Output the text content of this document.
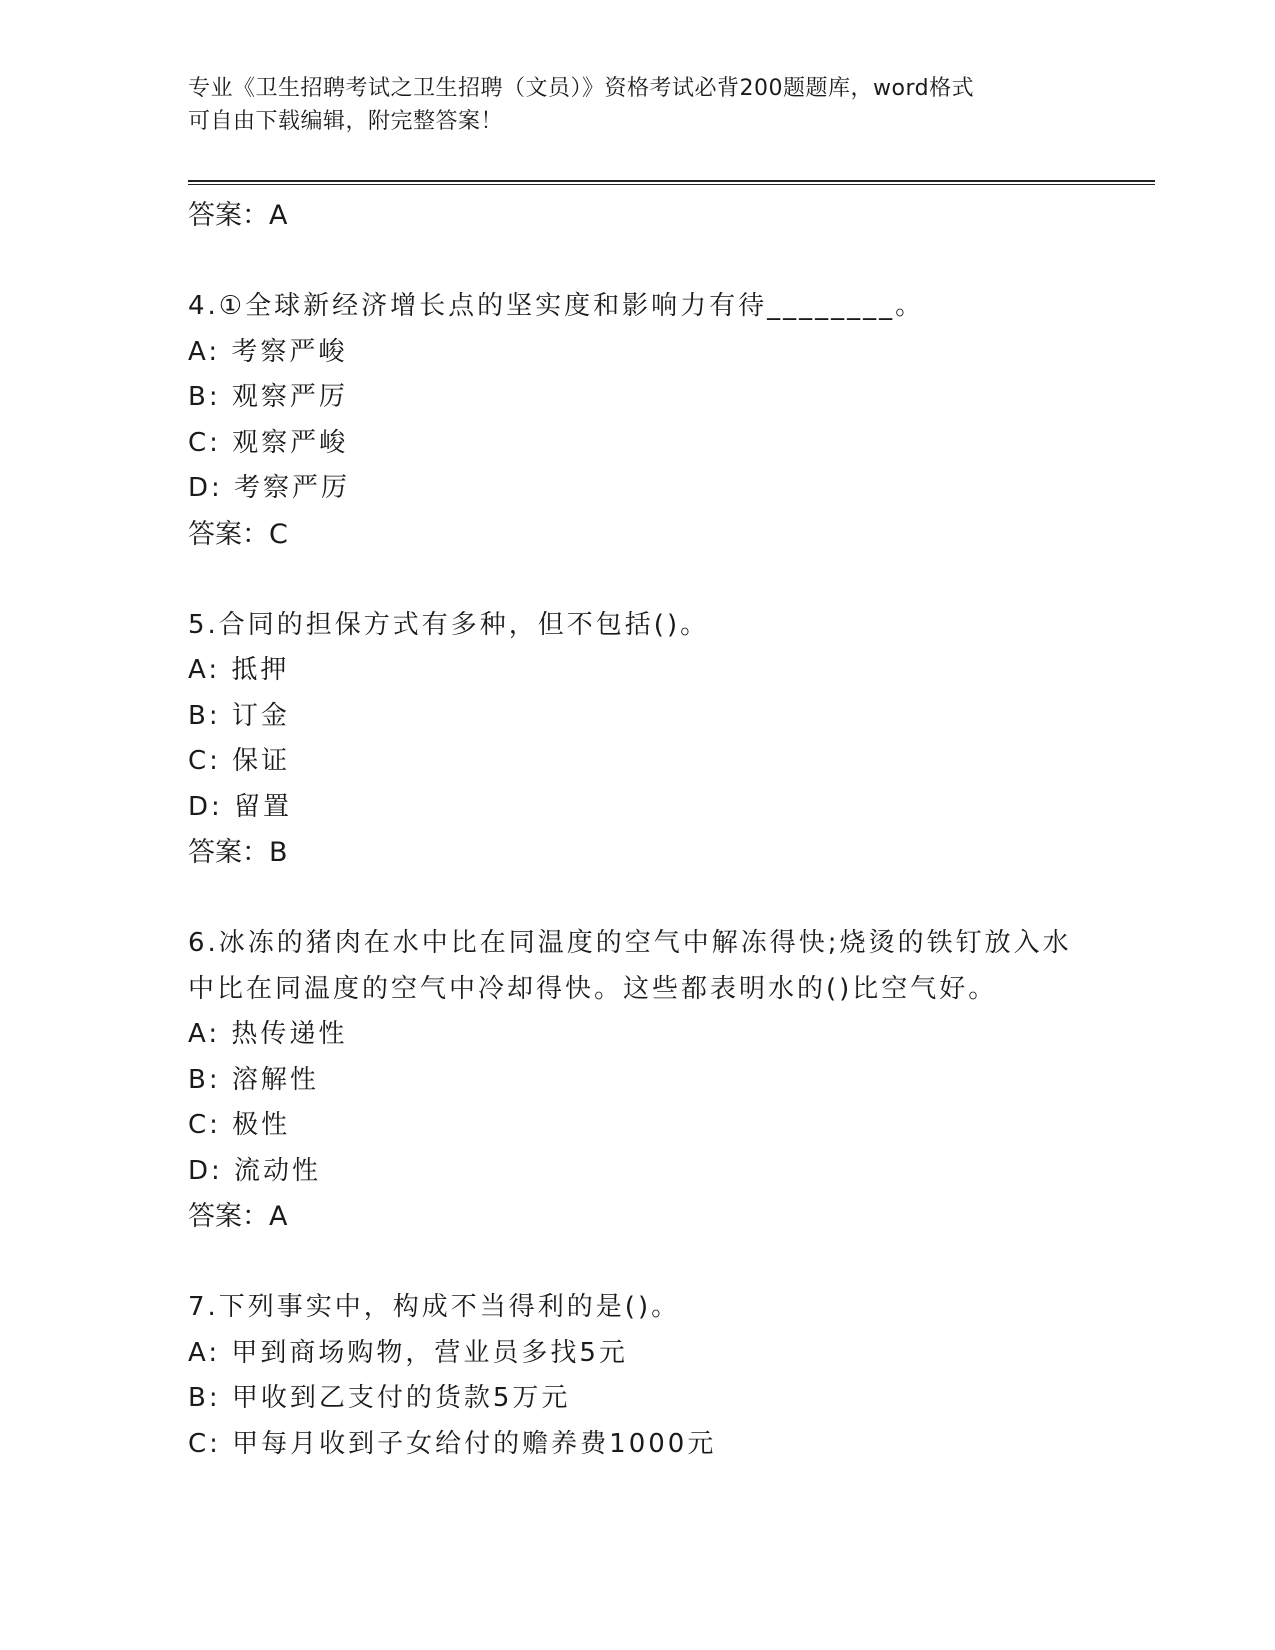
专业《卫生招聘考试之卫生招聘（文员）》资格考试必背200题题库，word格式
可自由下载编辑，附完整答案！
答案：A
4.①全球新经济增长点的坚实度和影响力有待________。
A: 考察严峻
B: 观察严厉
C: 观察严峻
D: 考察严厉
答案：C
5.合同的担保方式有多种，但不包括()。
A: 抵押
B: 订金
C: 保证
D: 留置
答案：B
6.冰冻的猪肉在水中比在同温度的空气中解冻得快;烧烫的铁钉放入水
中比在同温度的空气中冷却得快。这些都表明水的()比空气好。
A: 热传递性
B: 溶解性
C: 极性
D: 流动性
答案：A
7.下列事实中，构成不当得利的是()。
A: 甲到商场购物，营业员多找5元
B: 甲收到乙支付的货款5万元
C: 甲每月收到子女给付的赡养费1000元
